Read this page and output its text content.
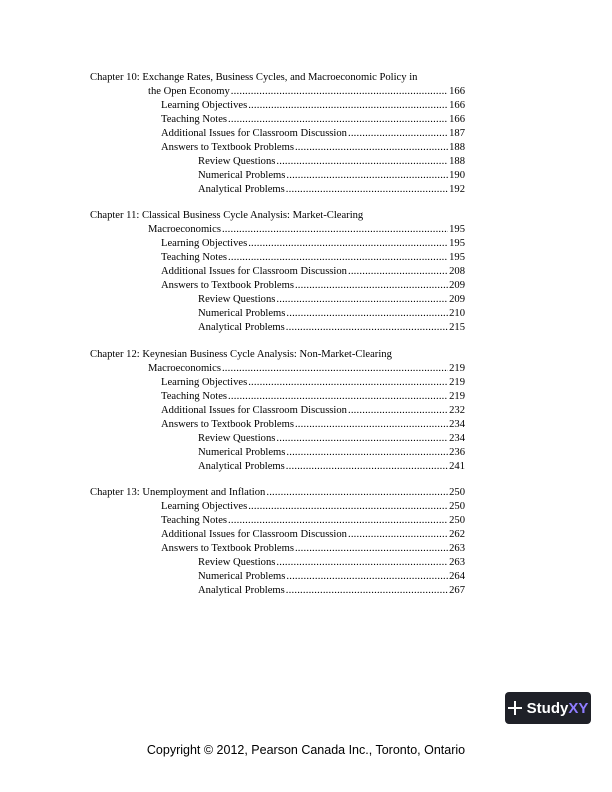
Chapter 10: Exchange Rates, Business Cycles, and Macroeconomic Policy in
the Open Economy .....	166
Learning Objectives .....	166
Teaching Notes .....	166
Additional Issues for Classroom Discussion .....	187
Answers to Textbook Problems .....	188
Review Questions .....	188
Numerical Problems .....	190
Analytical Problems .....	192
Chapter 11: Classical Business Cycle Analysis: Market-Clearing
Macroeconomics .....	195
Learning Objectives .....	195
Teaching Notes .....	195
Additional Issues for Classroom Discussion .....	208
Answers to Textbook Problems .....	209
Review Questions .....	209
Numerical Problems .....	210
Analytical Problems .....	215
Chapter 12: Keynesian Business Cycle Analysis: Non-Market-Clearing
Macroeconomics .....	219
Learning Objectives .....	219
Teaching Notes .....	219
Additional Issues for Classroom Discussion .....	232
Answers to Textbook Problems .....	234
Review Questions .....	234
Numerical Problems .....	236
Analytical Problems .....	241
Chapter 13: Unemployment and Inflation .....	250
Learning Objectives .....	250
Teaching Notes .....	250
Additional Issues for Classroom Discussion .....	262
Answers to Textbook Problems .....	263
Review Questions .....	263
Numerical Problems .....	264
Analytical Problems .....	267
Study XY
Copyright © 2012, Pearson Canada Inc., Toronto, Ontario
